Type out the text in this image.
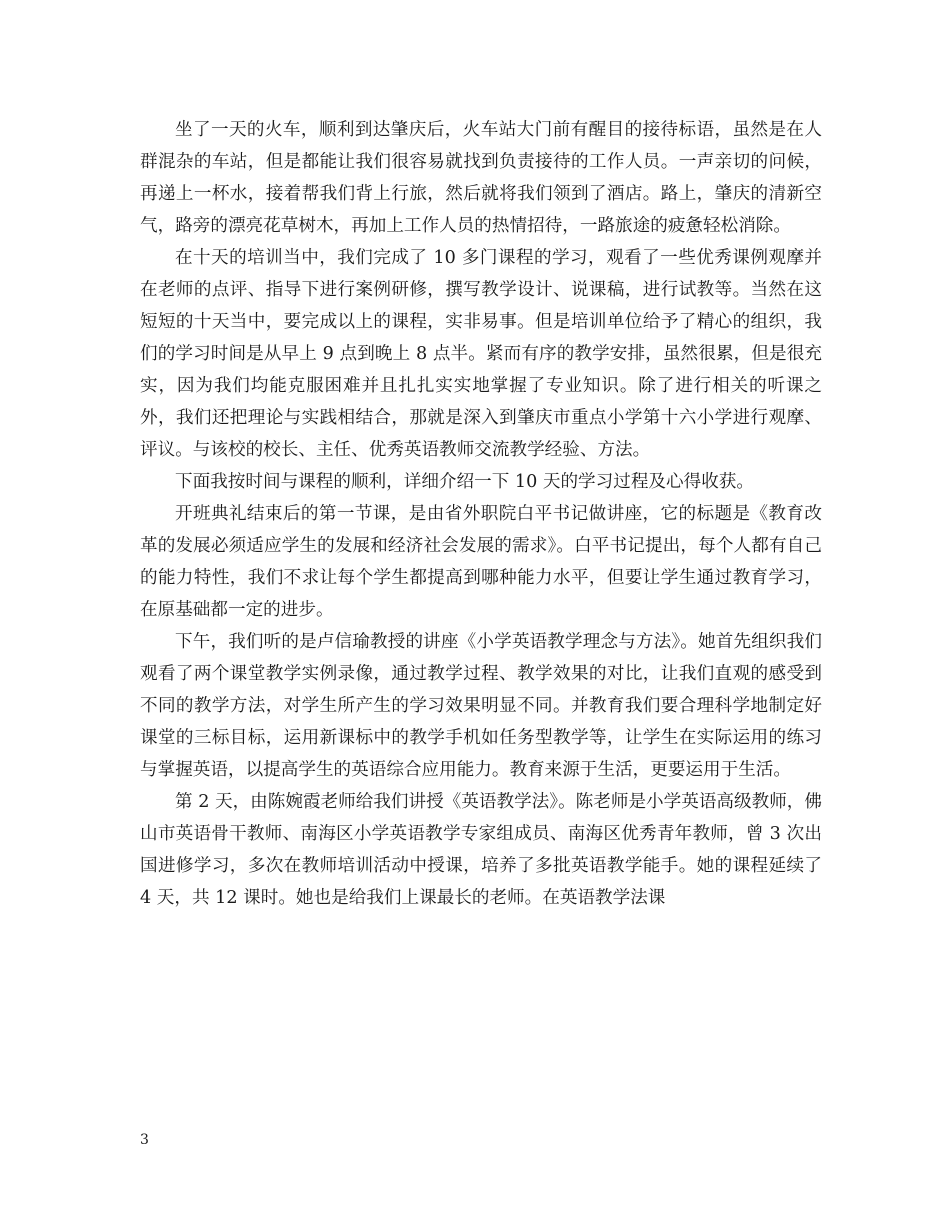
坐了一天的火车，顺利到达肇庆后，火车站大门前有醒目的接待标语，虽然是在人群混杂的车站，但是都能让我们很容易就找到负责接待的工作人员。一声亲切的问候，再递上一杯水，接着帮我们背上行旅，然后就将我们领到了酒店。路上，肇庆的清新空气，路旁的漂亮花草树木，再加上工作人员的热情招待，一路旅途的疲惫轻松消除。

在十天的培训当中，我们完成了 10 多门课程的学习，观看了一些优秀课例观摩并在老师的点评、指导下进行案例研修，撰写教学设计、说课稿，进行试教等。当然在这短短的十天当中，要完成以上的课程，实非易事。但是培训单位给予了精心的组织，我们的学习时间是从早上 9 点到晚上 8 点半。紧而有序的教学安排，虽然很累，但是很充实，因为我们均能克服困难并且扎扎实实地掌握了专业知识。除了进行相关的听课之外，我们还把理论与实践相结合，那就是深入到肇庆市重点小学第十六小学进行观摩、评议。与该校的校长、主任、优秀英语教师交流教学经验、方法。

下面我按时间与课程的顺利，详细介绍一下 10 天的学习过程及心得收获。

开班典礼结束后的第一节课，是由省外职院白平书记做讲座，它的标题是《教育改革的发展必须适应学生的发展和经济社会发展的需求》。白平书记提出，每个人都有自己的能力特性，我们不求让每个学生都提高到哪种能力水平，但要让学生通过教育学习，在原基础都一定的进步。

下午，我们听的是卢信瑜教授的讲座《小学英语教学理念与方法》。她首先组织我们观看了两个课堂教学实例录像，通过教学过程、教学效果的对比，让我们直观的感受到不同的教学方法，对学生所产生的学习效果明显不同。并教育我们要合理科学地制定好课堂的三标目标，运用新课标中的教学手机如任务型教学等，让学生在实际运用的练习与掌握英语，以提高学生的英语综合应用能力。教育来源于生活，更要运用于生活。

第 2 天，由陈婉霞老师给我们讲授《英语教学法》。陈老师是小学英语高级教师，佛山市英语骨干教师、南海区小学英语教学专家组成员、南海区优秀青年教师，曾 3 次出国进修学习，多次在教师培训活动中授课，培养了多批英语教学能手。她的课程延续了 4 天，共 12 课时。她也是给我们上课最长的老师。在英语教学法课

3
